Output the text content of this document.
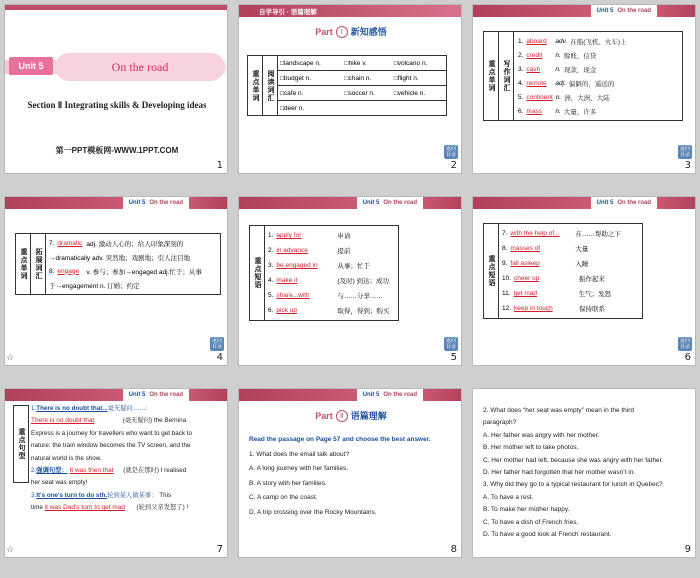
Unit 5	On the road
Section Ⅱ Integrating skills & Developing ideas
第一PPT模板网-WWW.1PPT.COM
1
自学导引 · 语篇理解
Part	Ⅰ 新知感悟
重点单词	阅读词汇	□landscape n.	□hike v.	□volcano n.
		□budget n.	□chain n.	□flight n.
		□cafe n.	□soccer n.	□vehicle n.
		□deer n.		
返回目录
2
Unit 5 On the road
重点单词	写作词汇

1. aboard	adv. 在船(飞机、火车)上
2. credit	n. 赊账，信贷
3. cash	n. 现款，现金
4. remote	adj. 偏僻的，遥远的
5. continent n. 洲，大洲，大陆
6. mass	n. 大量，许多
返回目录
3
Unit 5 On the road
重点单词	拓展词汇

7. dramatic adj. 激动人心的；给人印象深刻的
→dramatically adv. 突然地；戏剧地；引人注目地
8. engage	v. 参与；参加→engaged adj.忙于；从事
于→engagement n. 订婚；约定
返回目录
☆	4
Unit 5 On the road
重点短语

1. apply for	申请
2. in advance	提前
3. be engaged in	从事；忙于
4. make it	(及时) 到达；成功
5. share...with	与……分享……
6. pick up	取得，得到；购买
返回目录
5
Unit 5 On the road
重点短语

7. with the help of...	在……帮助之下
8. masses of	大量
9. fall asleep	入睡
10. cheer up	振作起来
11. get mad	生气；发怒
12. keep in touch	保持联系
返回目录
6
Unit 5 On the road
重点句型
1.There is no doubt that...毫无疑问……：
There is no doubt that	(毫无疑问) the Bernina
Express is a journey for travellers who want to get back to
nature: the train window becomes the TV screen, and the
natural world is the show.
2.强调句型： It was then that (就是在那时) I realised
her seat was empty!
3.It's one's turn to do sth.轮到某人做某事： This
time it was Dad's turn to get mad (轮到父亲发怒了) !
☆	7
Unit 5 On the road
Part	Ⅱ 语篇理解
Read the passage on Page 57 and choose the best answer.
1. What does the email talk about?
A. A long journey with her families.
B. A story with her families.
C. A camp on the coast.
D. A trip crossing over the Rocky Mountains.
8
2. What does “her seat was empty” mean in the third
paragraph?
A. Her father was angry with her mother.
B. Her mother left to take photos.
C. Her mother had left, because she was angry with her father.
D. Her father had forgotten that her mother wasn’t in.
3. Why did they go to a typical restaurant for lunch in Quebec?
A. To have a rest.
B. To make her mother happy.
C. To have a dish of French fries.
D. To have a good look at French restaurant.
9
